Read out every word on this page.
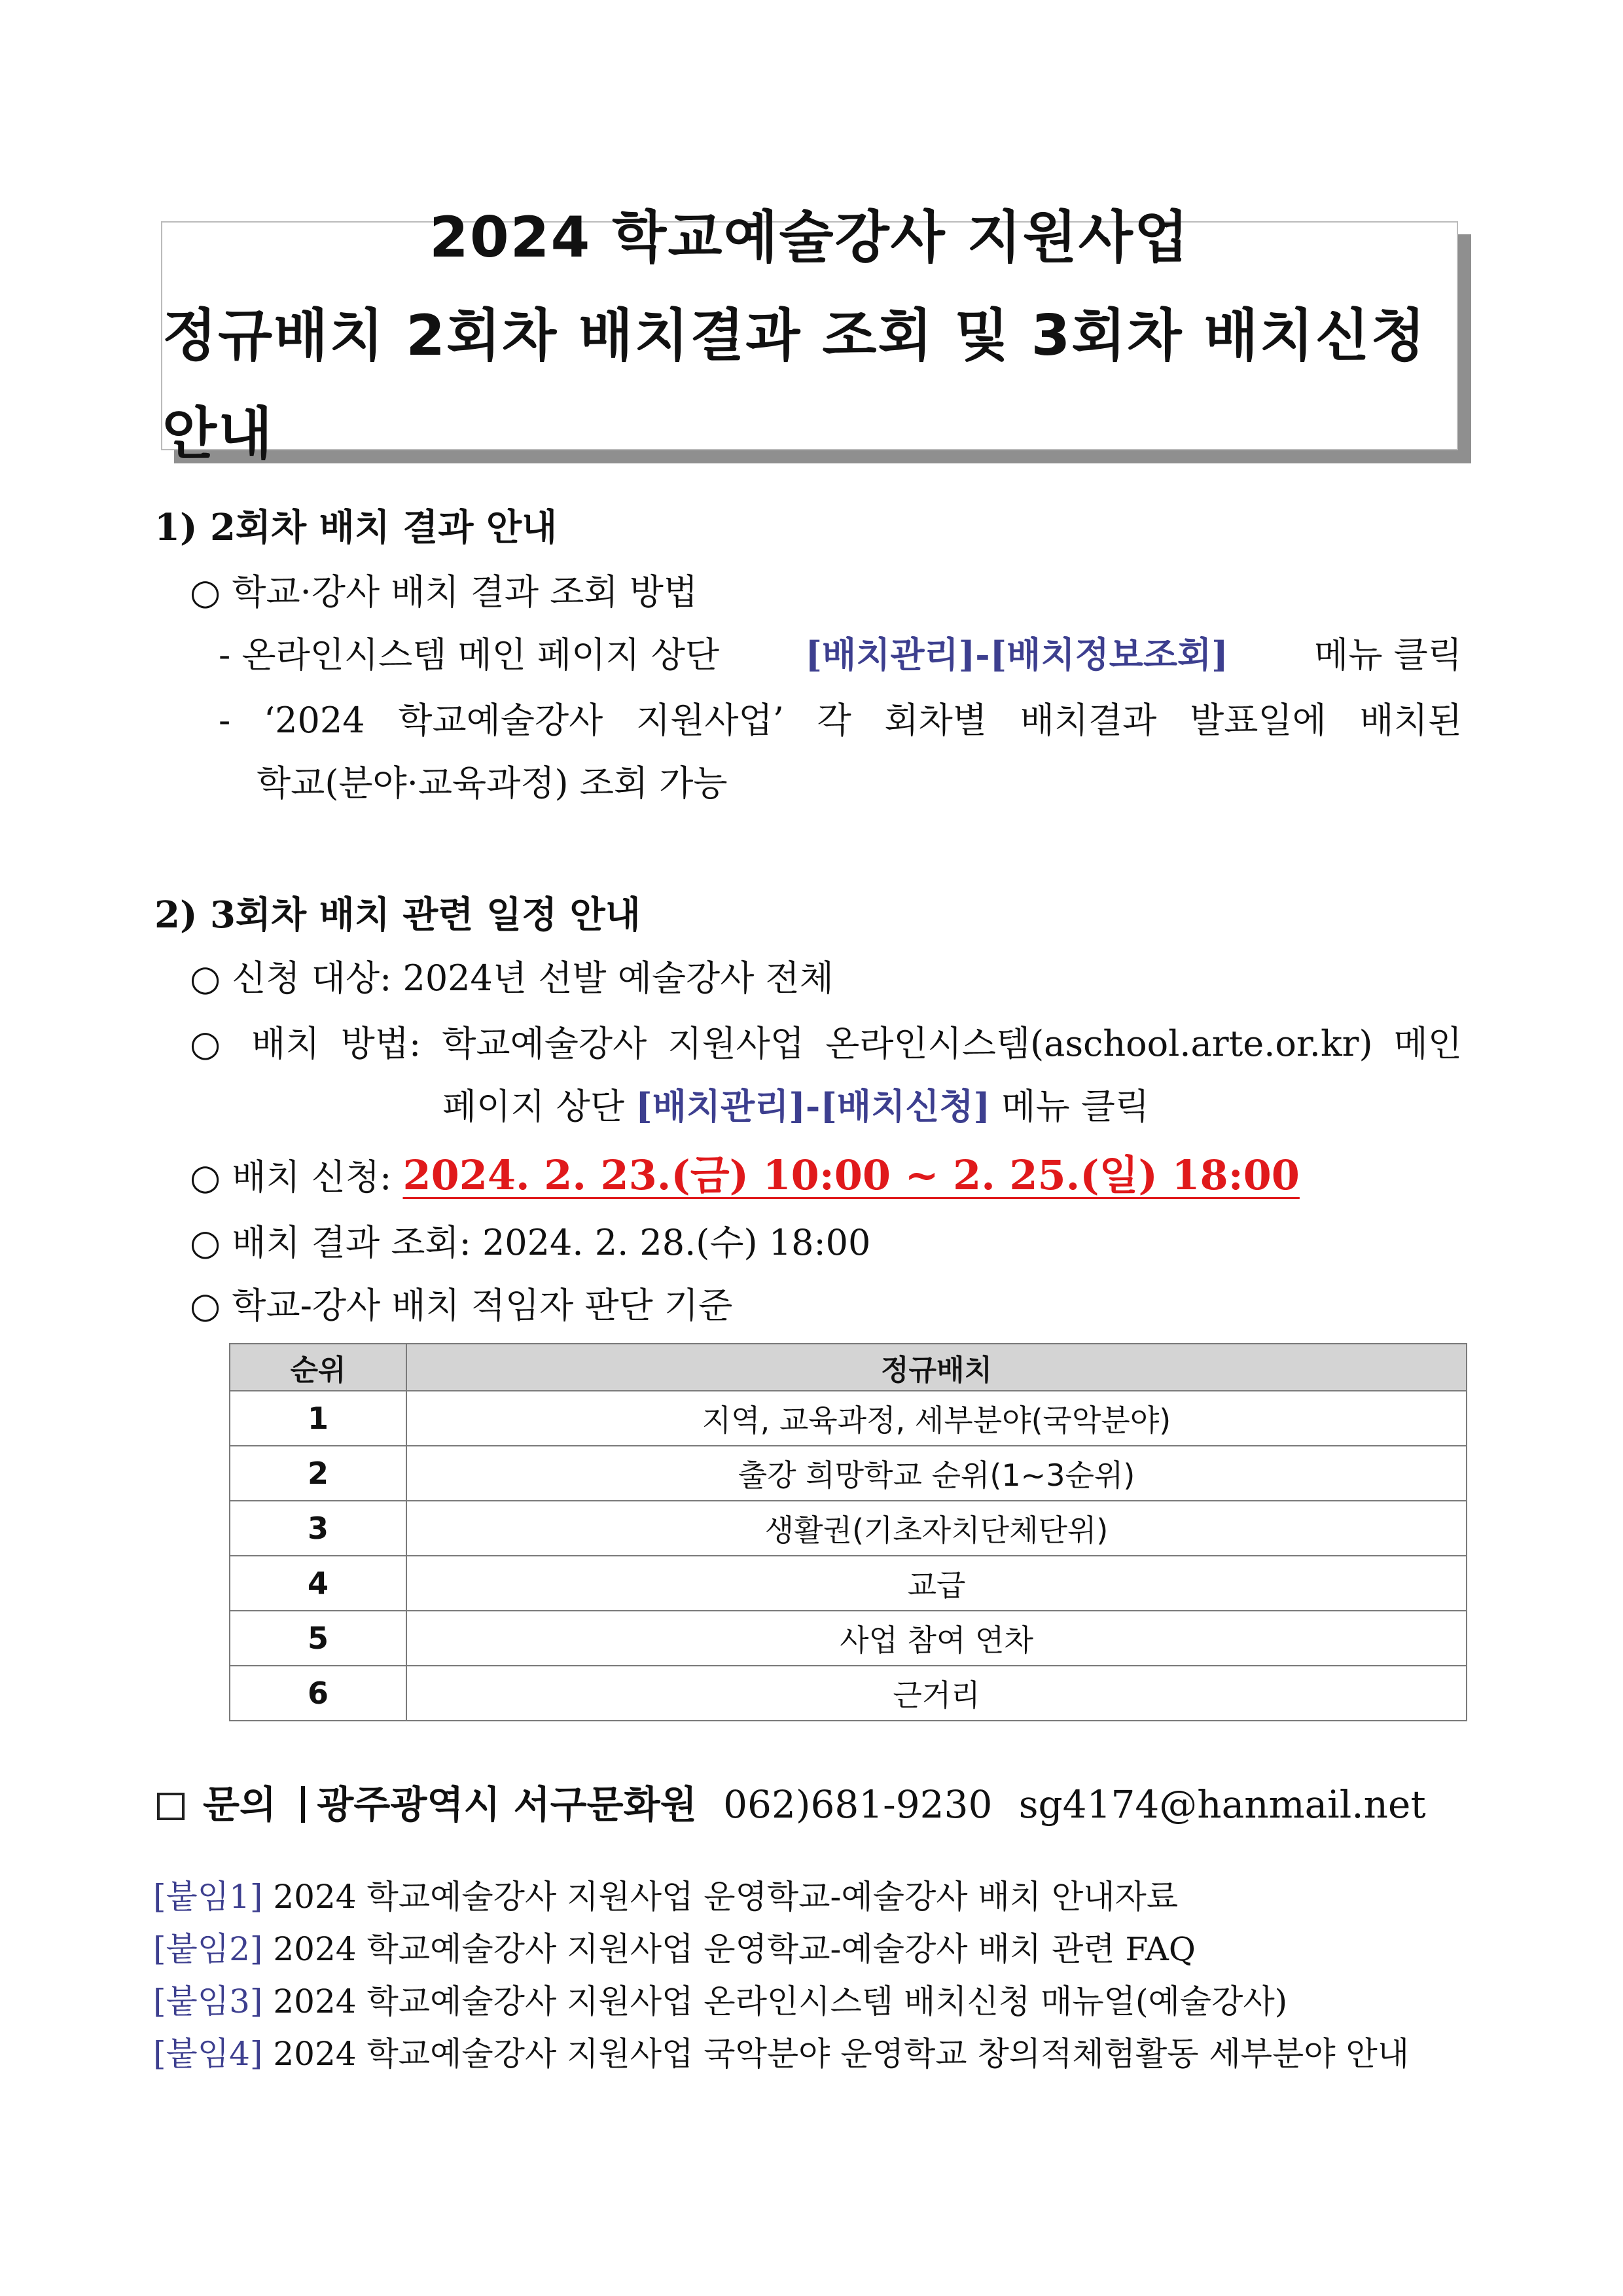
2024 학교예술강사 지원사업
정규배치 2회차 배치결과 조회 및 3회차 배치신청 안내
1) 2회차 배치 결과 안내
○ 학교·강사 배치 결과 조회 방법
- 온라인시스템 메인 페이지 상단 [배치관리]-[배치정보조회] 메뉴 클릭
- ‘2024 학교예술강사 지원사업’ 각 회차별 배치결과 발표일에 배치된
학교(분야·교육과정) 조회 가능
2) 3회차 배치 관련 일정 안내
○ 신청 대상: 2024년 선발 예술강사 전체
○ 배치 방법: 학교예술강사 지원사업 온라인시스템(aschool.arte.or.kr) 메인
페이지 상단 [배치관리]-[배치신청] 메뉴 클릭
○ 배치 신청: 2024. 2. 23.(금) 10:00 ~ 2. 25.(일) 18:00
○ 배치 결과 조회: 2024. 2. 28.(수) 18:00
○ 학교-강사 배치 적임자 판단 기준
순위	정규배치
1	지역, 교육과정, 세부분야(국악분야)
2	출강 희망학교 순위(1~3순위)
3	생활권(기초자치단체단위)
4	교급
5	사업 참여 연차
6	근거리
문의 광주광역시 서구문화원 062)681-9230 sg4174@hanmail.net
[붙임1] 2024 학교예술강사 지원사업 운영학교-예술강사 배치 안내자료
[붙임2] 2024 학교예술강사 지원사업 운영학교-예술강사 배치 관련 FAQ
[붙임3] 2024 학교예술강사 지원사업 온라인시스템 배치신청 매뉴얼(예술강사)
[붙임4] 2024 학교예술강사 지원사업 국악분야 운영학교 창의적체험활동 세부분야 안내
